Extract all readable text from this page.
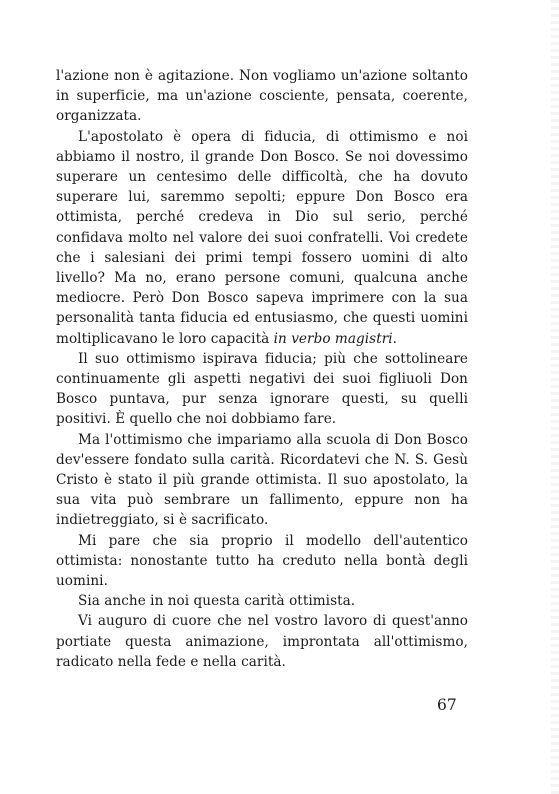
l'azione non è agitazione. Non vogliamo un'azione soltanto in superficie, ma un'azione cosciente, pensata, coerente, organizzata.

L'apostolato è opera di fiducia, di ottimismo e noi abbiamo il nostro, il grande Don Bosco. Se noi dovessimo superare un centesimo delle difficoltà, che ha dovuto superare lui, saremmo sepolti; eppure Don Bosco era ottimista, perché credeva in Dio sul serio, perché confidava molto nel valore dei suoi confratelli. Voi credete che i salesiani dei primi tempi fossero uomini di alto livello? Ma no, erano persone comuni, qualcuna anche mediocre. Però Don Bosco sapeva imprimere con la sua personalità tanta fiducia ed entusiasmo, che questi uomini moltiplicavano le loro capacità in verbo magistri.

Il suo ottimismo ispirava fiducia; più che sottolineare continuamente gli aspetti negativi dei suoi figliuoli Don Bosco puntava, pur senza ignorare questi, su quelli positivi. È quello che noi dobbiamo fare.

Ma l'ottimismo che impariamo alla scuola di Don Bosco dev'essere fondato sulla carità. Ricordatevi che N. S. Gesù Cristo è stato il più grande ottimista. Il suo apostolato, la sua vita può sembrare un fallimento, eppure non ha indietreggiato, si è sacrificato.

Mi pare che sia proprio il modello dell'autentico ottimista: nonostante tutto ha creduto nella bontà degli uomini.

Sia anche in noi questa carità ottimista.

Vi auguro di cuore che nel vostro lavoro di quest'anno portiate questa animazione, improntata all'ottimismo, radicato nella fede e nella carità.

67
